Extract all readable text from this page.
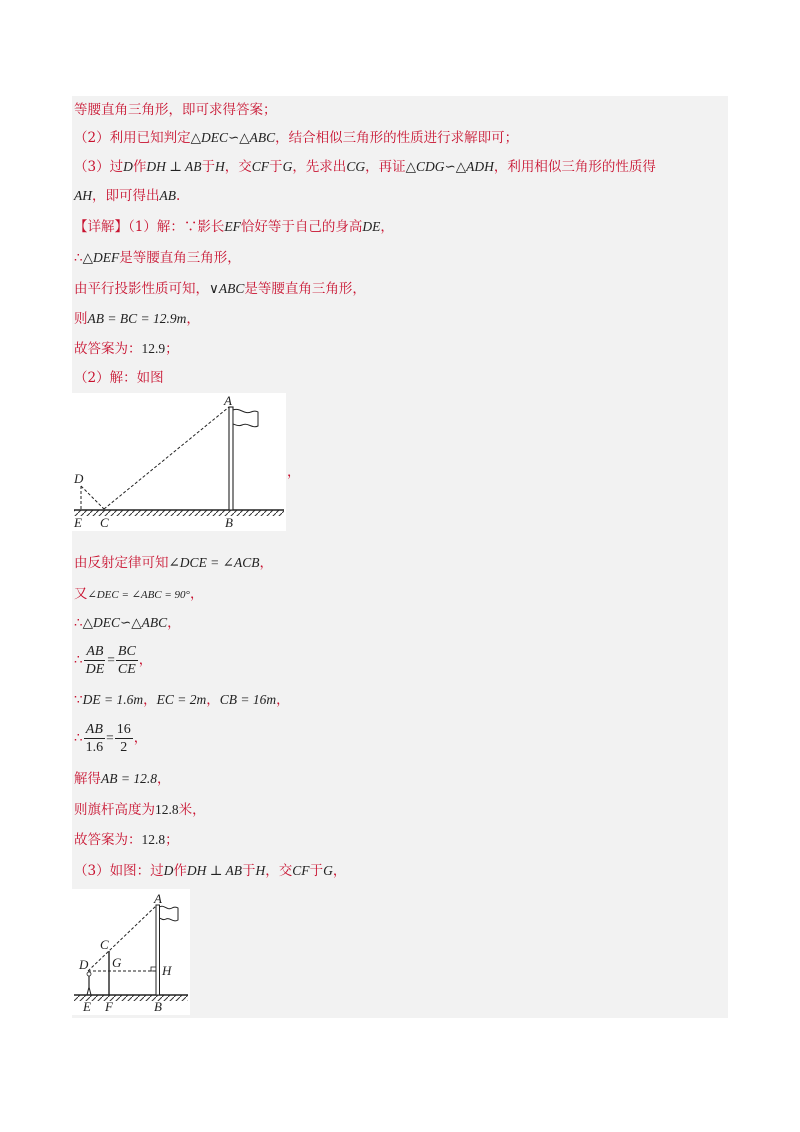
等腰直角三角形，即可求得答案；
（2）利用已知判定△DEC∽△ABC，结合相似三角形的性质进行求解即可；
（3）过D作DH ⊥ AB于H，交CF于G，先求出CG，再证△CDG∽△ADH，利用相似三角形的性质得
AH，即可得出AB.
【详解】（1）解：∵影长EF恰好等于自己的身高DE，
∴△DEF是等腰直角三角形，
由平行投影性质可知，∨ABC是等腰直角三角形，
则AB = BC = 12.9m，
故答案为：12.9；
（2）解：如图
A
D
E C	B
，
由反射定律可知∠DCE = ∠ACB，
又∠DEC = ∠ABC = 90°，
∴△DEC∽△ABC，
∴ $\frac{AB}{DE} = \frac{BC}{CE}$ ，
∵DE = 1.6m，EC = 2m，CB = 16m，
∴ $\frac{AB}{1.6} = \frac{16}{2}$ ，
解得AB = 12.8，
则旗杆高度为12.8米，
故答案为：12.8；
（3）如图：过D作DH ⊥ AB于H，交CF于G，
A
C
D G
H
E F	B
